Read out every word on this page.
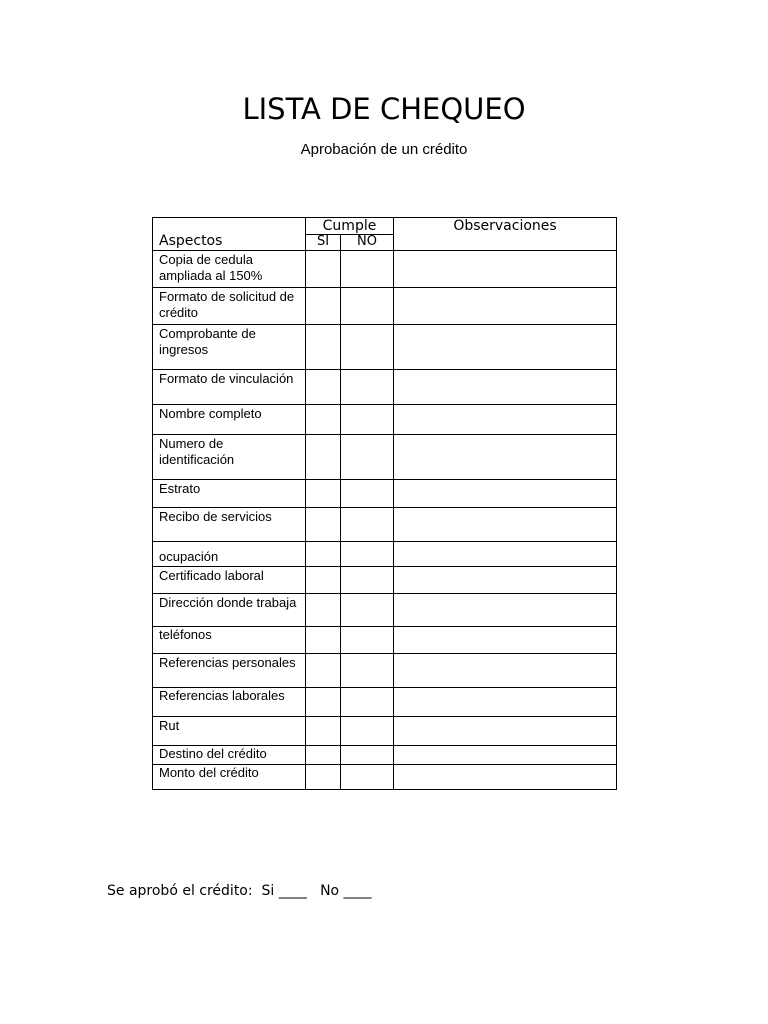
LISTA DE CHEQUEO

Aprobación de un crédito

Aspectos	Cumple		Observaciones
	SI	NO	
Copia de cedula ampliada al 150%			
Formato de solicitud de crédito			
Comprobante de ingresos			
Formato de vinculación			
Nombre completo			
Numero de identificación			
Estrato			
Recibo de servicios			
ocupación			
Certificado laboral			
Dirección donde trabaja			
teléfonos			
Referencias personales			
Referencias laborales			
Rut			
Destino del crédito			
Monto del crédito			

Se aprobó el crédito:  Si ____   No ____
